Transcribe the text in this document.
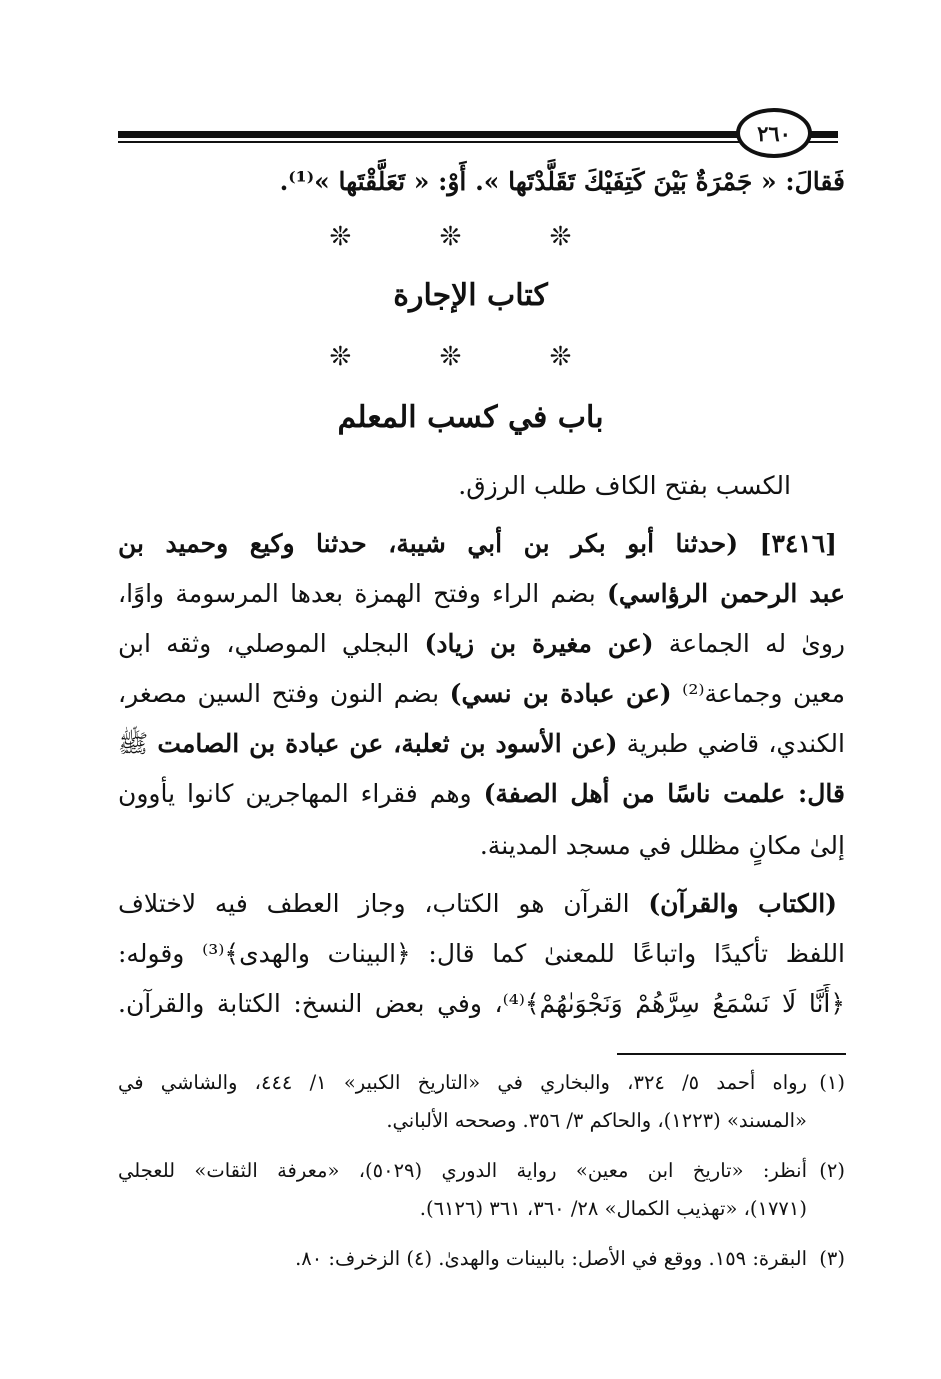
٢٦٠
فَقالَ: « جَمْرَةٌ بَيْنَ كَتِفَيْكَ تَقَلَّدْتَها ». أَوْ: « تَعَلَّقْتَها »⁽¹⁾.
❊ ❊ ❊
كتاب الإجارة
❊ ❊ ❊
باب في كسب المعلم
الكسب بفتح الكاف طلب الرزق.
[٣٤١٦] (حدثنا أبو بكر بن أبي شيبة، حدثنا وكيع وحميد بن
عبد الرحمن الرؤاسي) بضم الراء وفتح الهمزة بعدها المرسومة واوًا،
روىٰ له الجماعة (عن مغيرة بن زياد) البجلي الموصلي، وثقه ابن
معين وجماعة⁽²⁾ (عن عبادة بن نسي) بضم النون وفتح السين مصغر،
الكندي، قاضي طبرية (عن الأسود بن ثعلبة، عن عبادة بن الصامت ﷺ
قال: علمت ناسًا من أهل الصفة) وهم فقراء المهاجرين كانوا يأوون
إلىٰ مكانٍ مظلل في مسجد المدينة.
(الكتاب والقرآن) القرآن هو الكتاب، وجاز العطف فيه لاختلاف
اللفظ تأكيدًا واتباعًا للمعنىٰ كما قال: ﴿البينات والهدى﴾⁽³⁾ وقوله:
﴿أَنَّا لَا نَسْمَعُ سِرَّهُمْ وَنَجْوَىٰهُمْ﴾⁽⁴⁾، وفي بعض النسخ: الكتابة والقرآن.
(١)
رواه أحمد ٥/ ٣٢٤، والبخاري في «التاريخ الكبير» ١/ ٤٤٤، والشاشي في
«المسند» (١٢٢٣)، والحاكم ٣/ ٣٥٦. وصححه الألباني.
(٢)
أنظر: «تاريخ ابن معين» رواية الدوري (٥٠٢٩)، «معرفة الثقات» للعجلي
(١٧٧١)، «تهذيب الكمال» ٢٨/ ٣٦٠، ٣٦١ (٦١٢٦).
(٣)
البقرة: ١٥٩. ووقع في الأصل: بالبينات والهدىٰ. (٤) الزخرف: ٨٠.
